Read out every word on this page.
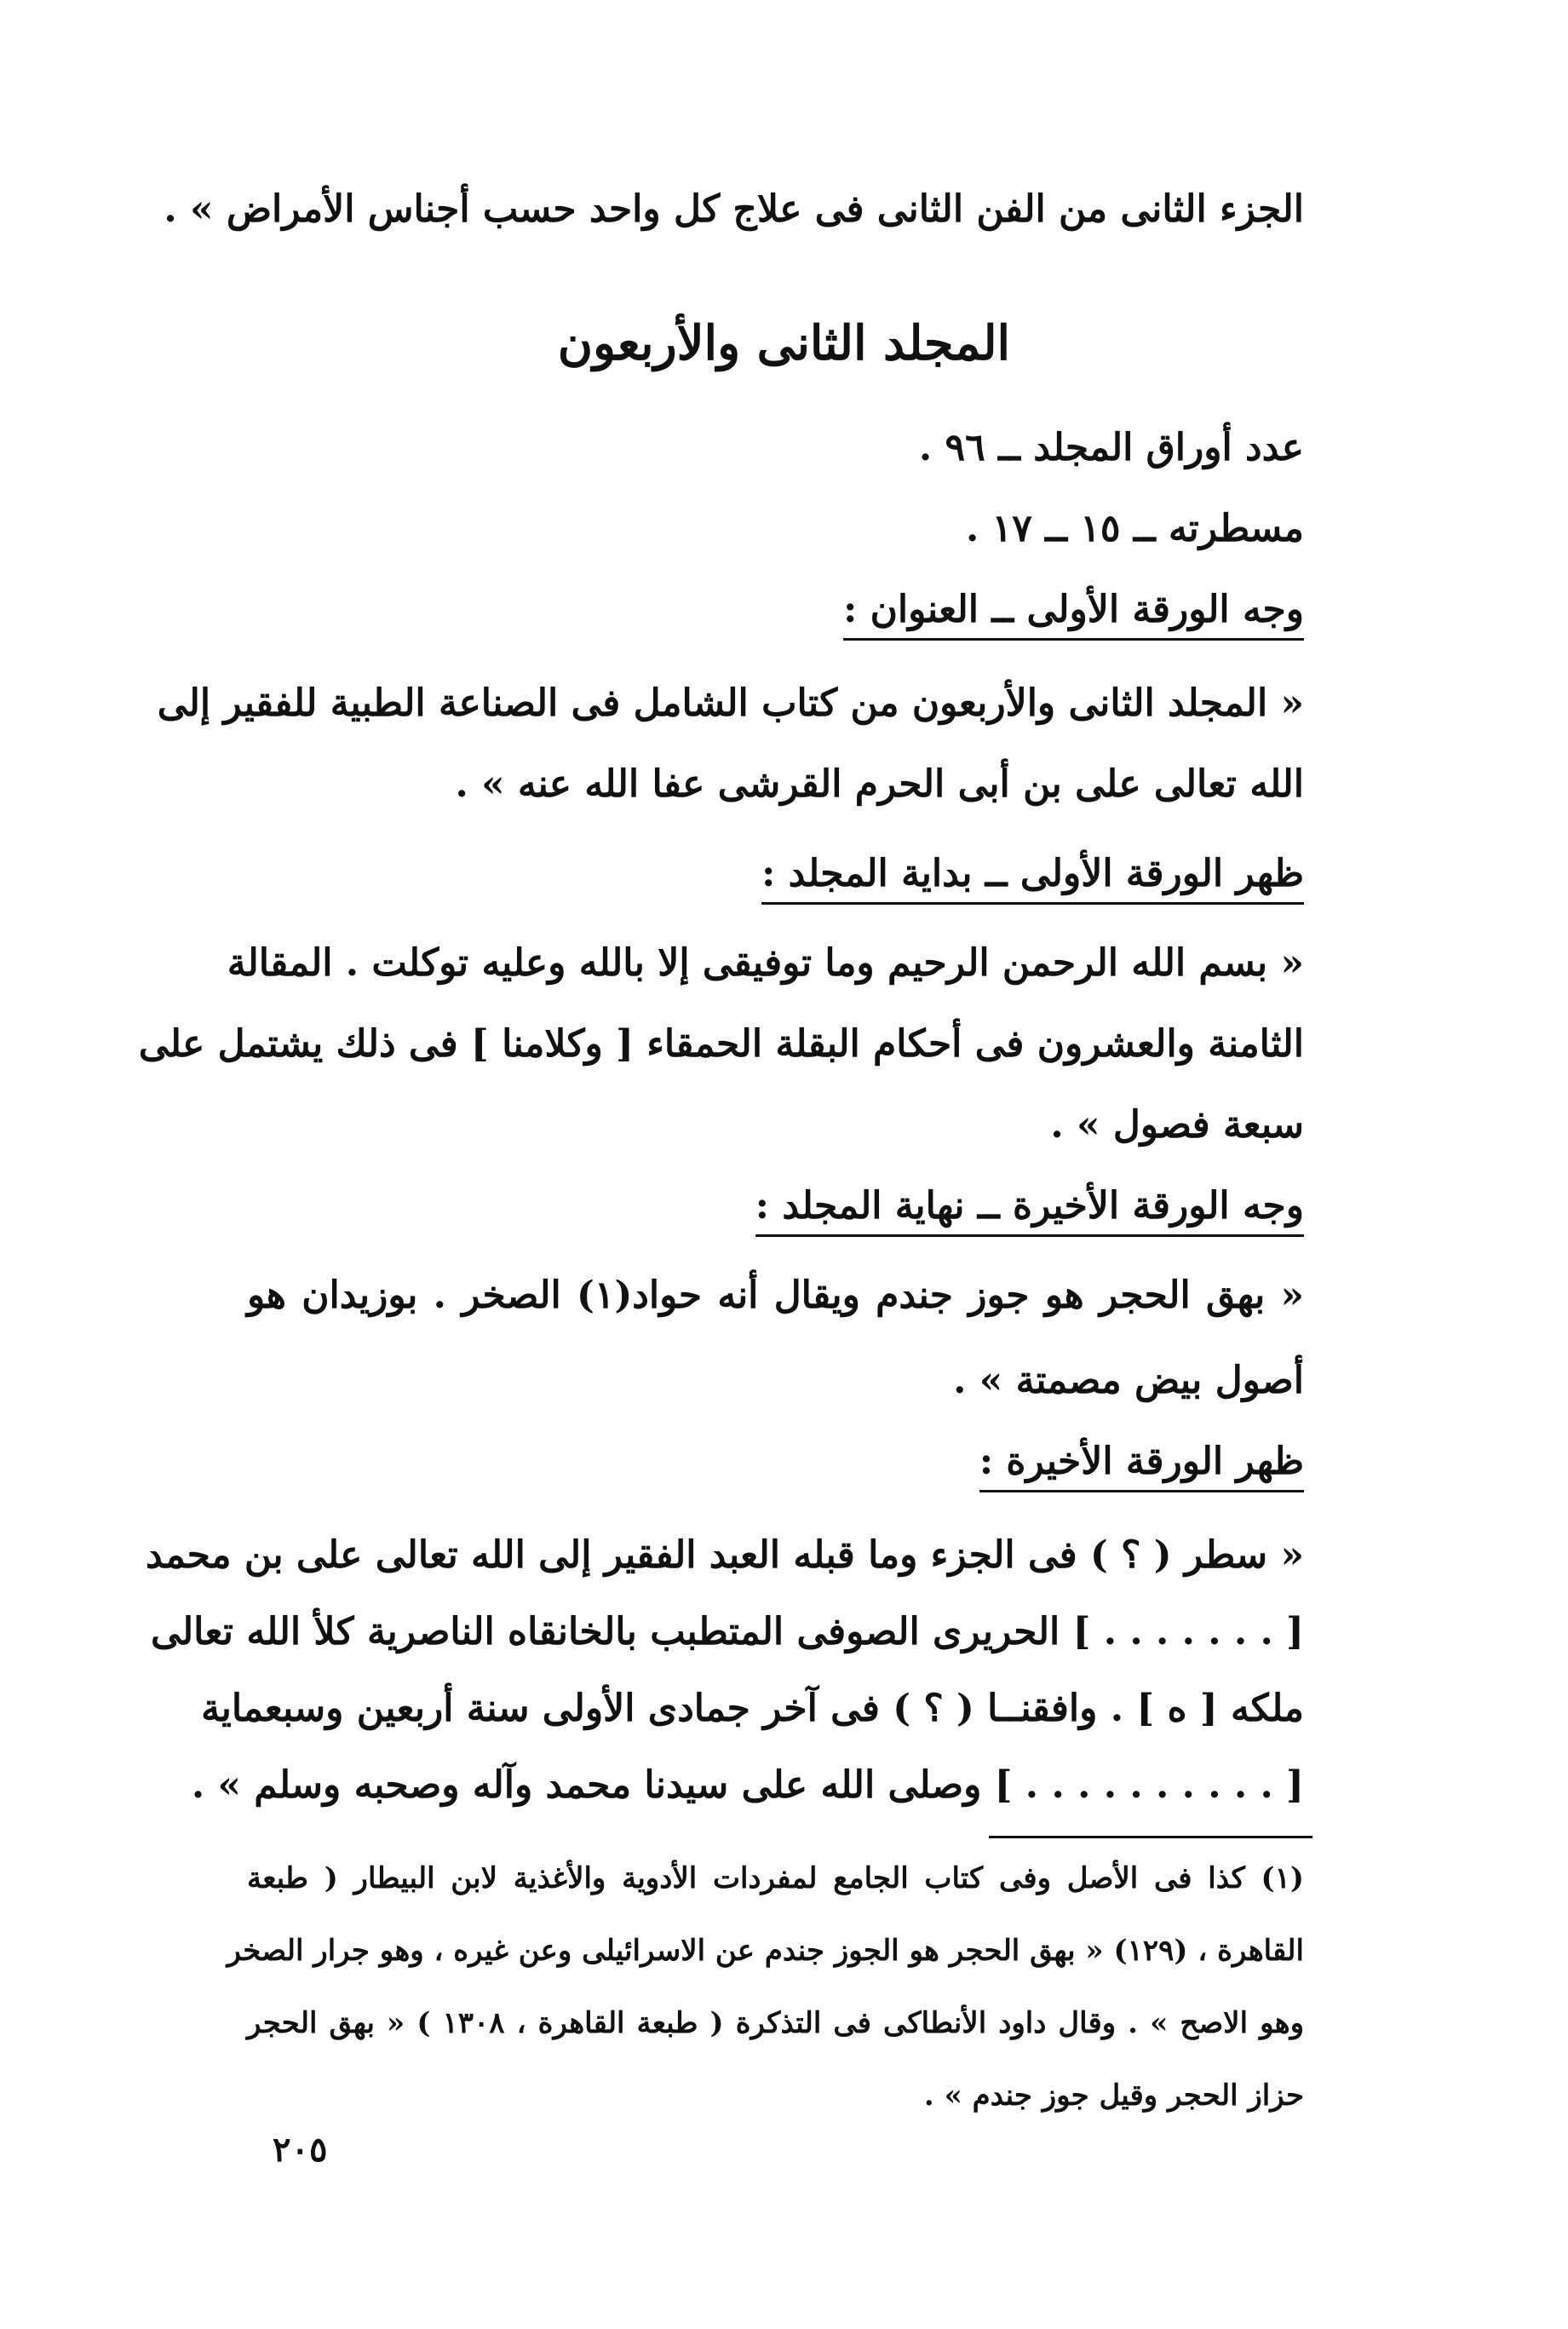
الجزء الثانى من الفن الثانى فى علاج كل واحد حسب أجناس الأمراض » .
المجلد الثانى والأربعون
عدد أوراق المجلد ــ ٩٦ .
مسطرته ــ ١٥ ــ ١٧ .
وجه الورقة الأولى ــ العنوان :
« المجلد الثانى والأربعون من كتاب الشامل فى الصناعة الطبية للفقير إلى
الله تعالى على بن أبى الحرم القرشى عفا الله عنه » .
ظهر الورقة الأولى ــ بداية المجلد :
« بسم الله الرحمن الرحيم وما توفيقى إلا بالله وعليه توكلت . المقالة
الثامنة والعشرون فى أحكام البقلة الحمقاء [ وكلامنا ] فى ذلك يشتمل على
سبعة فصول » .
وجه الورقة الأخيرة ــ نهاية المجلد :
« بهق الحجر هو جوز جندم ويقال أنه حواد(١) الصخر . بوزيدان هو
أصول بيض مصمتة » .
ظهر الورقة الأخيرة :
« سطر ( ؟ ) فى الجزء وما قبله العبد الفقير إلى الله تعالى على بن محمد
[ . . . . . . . ] الحريرى الصوفى المتطبب بالخانقاه الناصرية كلأ الله تعالى
ملكه [ ه ] . وافقنــا ( ؟ ) فى آخر جمادى الأولى سنة أربعين وسبعماية
[ . . . . . . . . . . ] وصلى الله على سيدنا محمد وآله وصحبه وسلم » .
(١) كذا فى الأصل وفى كتاب الجامع لمفردات الأدوية والأغذية لابن البيطار ( طبعة
القاهرة ، (١٢٩) « بهق الحجر هو الجوز جندم عن الاسرائيلى وعن غيره ، وهو جرار الصخر
وهو الاصح » . وقال داود الأنطاكى فى التذكرة ( طبعة القاهرة ، ١٣٠٨ ) « بهق الحجر
حزاز الحجر وقيل جوز جندم » .
٢٠٥
